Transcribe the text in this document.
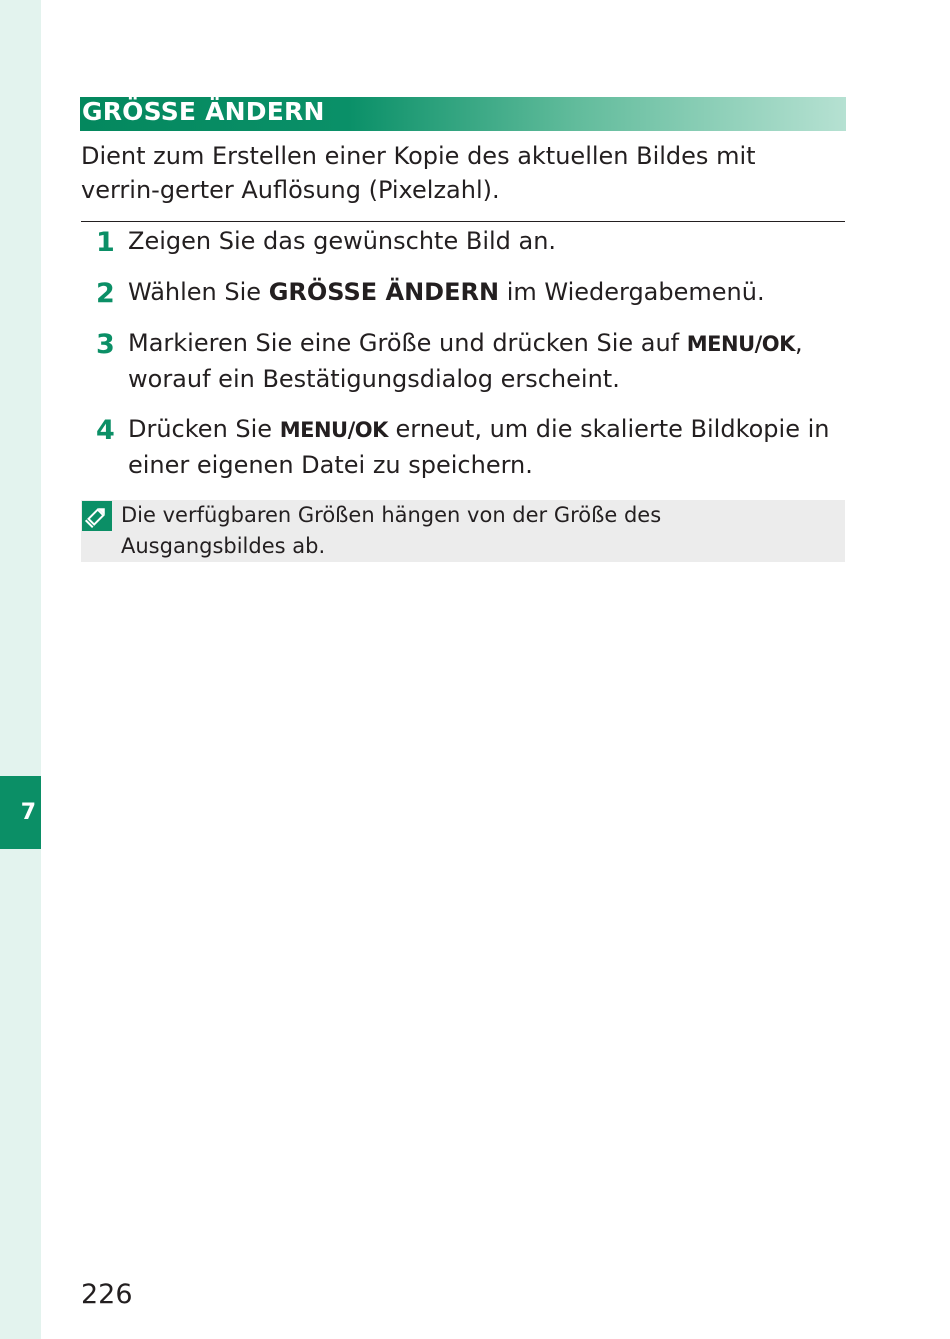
7
GRÖSSE ÄNDERN

Dient zum Erstellen einer Kopie des aktuellen Bildes mit verrin-gerter Auflösung (Pixelzahl).

1 Zeigen Sie das gewünschte Bild an.

2 Wählen Sie GRÖSSE ÄNDERN im Wiedergabemenü.

3 Markieren Sie eine Größe und drücken Sie auf MENU/OK, worauf ein Bestätigungsdialog erscheint.

4 Drücken Sie MENU/OK erneut, um die skalierte Bildkopie in einer eigenen Datei zu speichern.

Die verfügbaren Größen hängen von der Größe des Ausgangsbildes ab.

226
